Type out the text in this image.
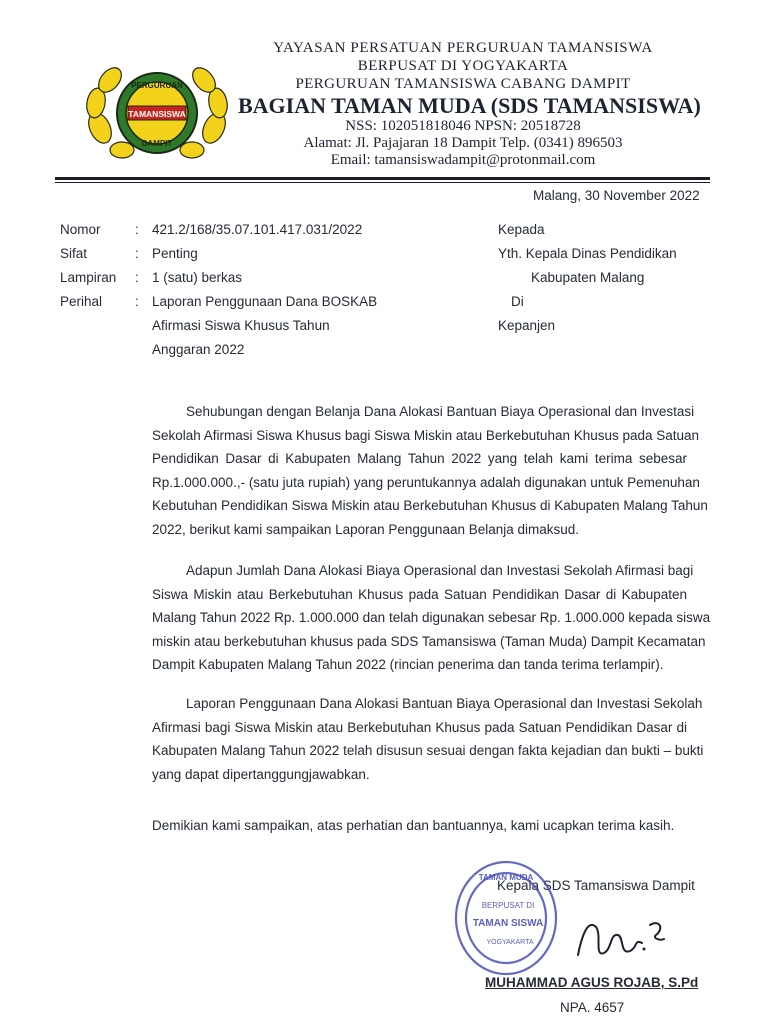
PERGURUAN
TAMANSISWA
DAMPIT
YAYASAN PERSATUAN PERGURUAN TAMANSISWA
BERPUSAT DI YOGYAKARTA
PERGURUAN TAMANSISWA CABANG DAMPIT
BAGIAN TAMAN MUDA (SDS TAMANSISWA)
NSS: 102051818046 NPSN: 20518728
Alamat: Jl. Pajajaran 18 Dampit Telp. (0341) 896503
Email: tamansiswadampit@protonmail.com
Malang, 30 November 2022
Nomor	: 421.2/168/35.07.101.417.031/2022
Sifat	: Penting
Lampiran : 1 (satu) berkas
Perihal : Laporan Penggunaan Dana BOSKAB
Afirmasi Siswa Khusus Tahun
Anggaran 2022
Kepada
Yth. Kepala Dinas Pendidikan
Kabupaten Malang
Di
Kepanjen
Sehubungan dengan Belanja Dana Alokasi Bantuan Biaya Operasional dan Investasi
Sekolah Afirmasi Siswa Khusus bagi Siswa Miskin atau Berkebutuhan Khusus pada Satuan
Pendidikan Dasar di Kabupaten Malang Tahun 2022 yang telah kami terima sebesar
Rp.1.000.000.,- (satu juta rupiah) yang peruntukannya adalah digunakan untuk Pemenuhan
Kebutuhan Pendidikan Siswa Miskin atau Berkebutuhan Khusus di Kabupaten Malang Tahun
2022, berikut kami sampaikan Laporan Penggunaan Belanja dimaksud.
Adapun Jumlah Dana Alokasi Biaya Operasional dan Investasi Sekolah Afirmasi bagi
Siswa Miskin atau Berkebutuhan Khusus pada Satuan Pendidikan Dasar di Kabupaten
Malang Tahun 2022 Rp. 1.000.000 dan telah digunakan sebesar Rp. 1.000.000 kepada siswa
miskin atau berkebutuhan khusus pada SDS Tamansiswa (Taman Muda) Dampit Kecamatan
Dampit Kabupaten Malang Tahun 2022 (rincian penerima dan tanda terima terlampir).
Laporan Penggunaan Dana Alokasi Bantuan Biaya Operasional dan Investasi Sekolah
Afirmasi bagi Siswa Miskin atau Berkebutuhan Khusus pada Satuan Pendidikan Dasar di
Kabupaten Malang Tahun 2022 telah disusun sesuai dengan fakta kejadian dan bukti – bukti
yang dapat dipertanggungjawabkan.
Demikian kami sampaikan, atas perhatian dan bantuannya, kami ucapkan terima kasih.
Kepala SDS Tamansiswa Dampit
TAMAN MUDA
BERPUSAT DI
TAMAN SISWA
YOGYAKARTA
MUHAMMAD AGUS ROJAB, S.Pd
NPA. 4657
